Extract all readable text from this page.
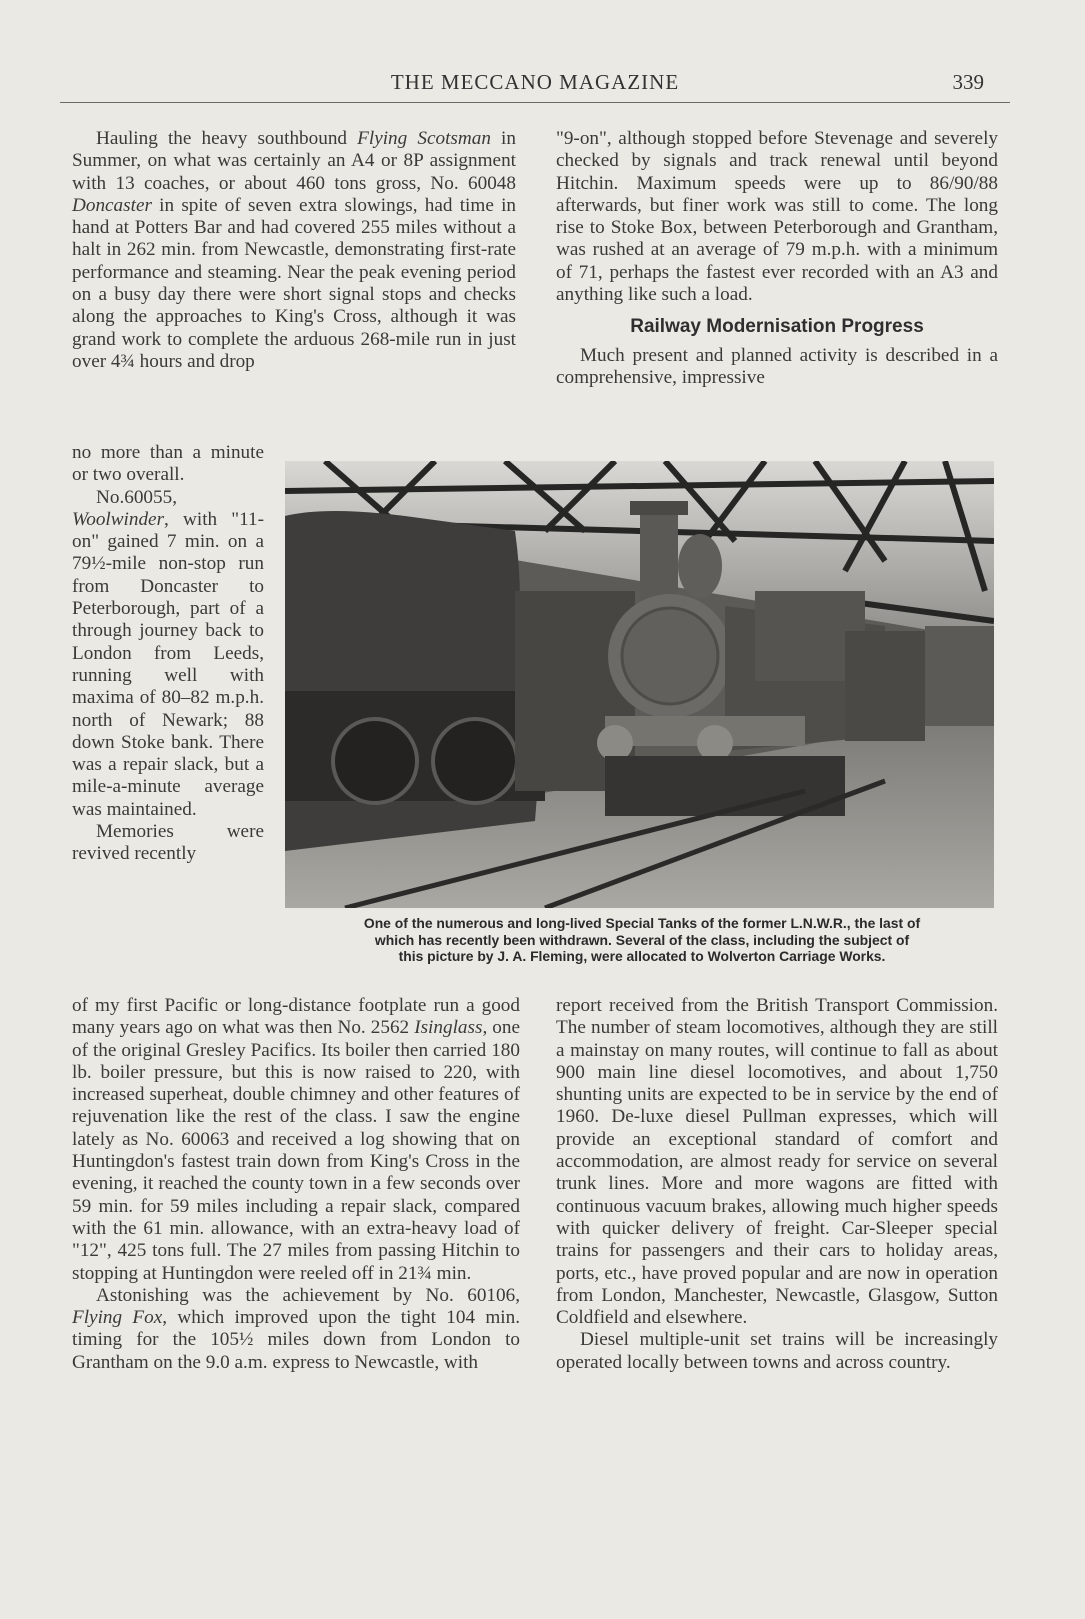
THE MECCANO MAGAZINE	339

Hauling the heavy southbound Flying Scotsman in Summer, on what was certainly an A4 or 8P assignment with 13 coaches, or about 460 tons gross, No. 60048 Doncaster in spite of seven extra slowings, had time in hand at Potters Bar and had covered 255 miles without a halt in 262 min. from Newcastle, demonstrating first-rate performance and steaming. Near the peak evening period on a busy day there were short signal stops and checks along the approaches to King's Cross, although it was grand work to complete the arduous 268-mile run in just over 4¾ hours and drop

no more than a minute or two overall.

No.60055, Woolwinder, with "11-on" gained 7 min. on a 79½-mile non-stop run from Doncaster to Peterborough, part of a through journey back to London from Leeds, running well with maxima of 80–82 m.p.h. north of Newark; 88 down Stoke bank. There was a repair slack, but a mile-a-minute average was maintained.

Memories were revived recently

One of the numerous and long-lived Special Tanks of the former L.N.W.R., the last of
which has recently been withdrawn. Several of the class, including the subject of
this picture by J. A. Fleming, were allocated to Wolverton Carriage Works.

of my first Pacific or long-distance footplate run a good many years ago on what was then No. 2562 Isinglass, one of the original Gresley Pacifics. Its boiler then carried 180 lb. boiler pressure, but this is now raised to 220, with increased superheat, double chimney and other features of rejuvenation like the rest of the class. I saw the engine lately as No. 60063 and received a log showing that on Huntingdon's fastest train down from King's Cross in the evening, it reached the county town in a few seconds over 59 min. for 59 miles including a repair slack, compared with the 61 min. allowance, with an extra-heavy load of "12", 425 tons full. The 27 miles from passing Hitchin to stopping at Huntingdon were reeled off in 21¾ min.

Astonishing was the achievement by No. 60106, Flying Fox, which improved upon the tight 104 min. timing for the 105½ miles down from London to Grantham on the 9.0 a.m. express to Newcastle, with

"9-on", although stopped before Stevenage and severely checked by signals and track renewal until beyond Hitchin. Maximum speeds were up to 86/90/88 afterwards, but finer work was still to come. The long rise to Stoke Box, between Peterborough and Grantham, was rushed at an average of 79 m.p.h. with a minimum of 71, perhaps the fastest ever recorded with an A3 and anything like such a load.

Railway Modernisation Progress

Much present and planned activity is described in a comprehensive, impressive

report received from the British Transport Commission. The number of steam locomotives, although they are still a mainstay on many routes, will continue to fall as about 900 main line diesel locomotives, and about 1,750 shunting units are expected to be in service by the end of 1960. De-luxe diesel Pullman expresses, which will provide an exceptional standard of comfort and accommodation, are almost ready for service on several trunk lines. More and more wagons are fitted with continuous vacuum brakes, allowing much higher speeds with quicker delivery of freight. Car-Sleeper special trains for passengers and their cars to holiday areas, ports, etc., have proved popular and are now in operation from London, Manchester, Newcastle, Glasgow, Sutton Coldfield and elsewhere.

Diesel multiple-unit set trains will be increasingly operated locally between towns and across country.
